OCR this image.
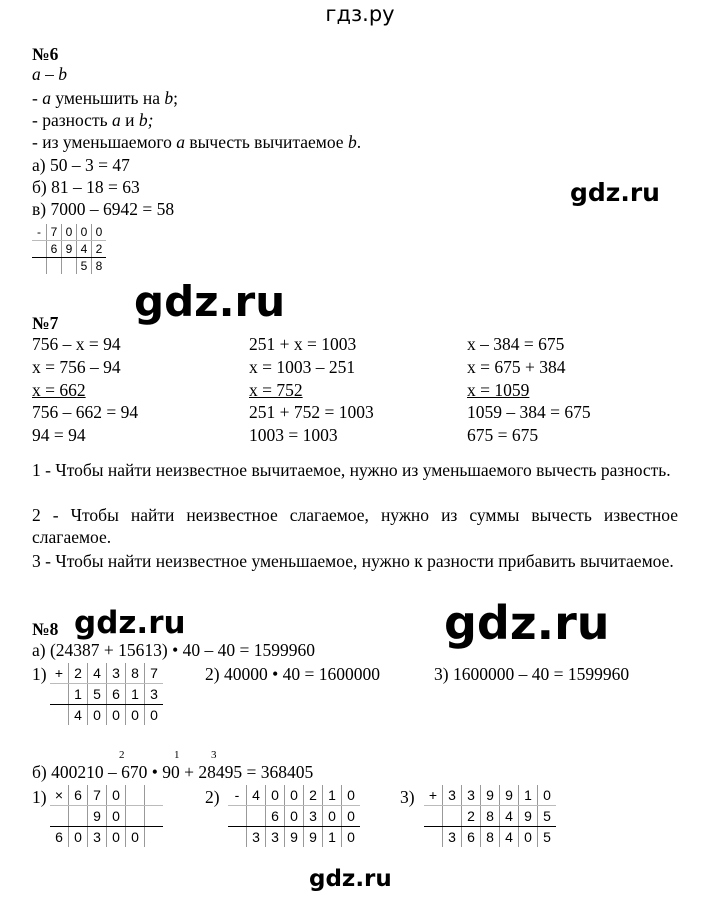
гдз.ру
№6
a – b
- a уменьшить на b;
- разность a и b;
- из уменьшаемого a вычесть вычитаемое b.
а) 50 – 3 = 47
б) 81 – 18 = 63
в) 7000 – 6942 = 58
-	7	0	0	0
	6	9	4	2
			5	8
№7
756 – x = 94
x = 756 – 94
x = 662
756 – 662 = 94
94 = 94
251 + x = 1003
x = 1003 – 251
x = 752
251 + 752 = 1003
1003 = 1003
x – 384 = 675
x = 675 + 384
x = 1059
1059 – 384 = 675
675 = 675
1 - Чтобы найти неизвестное вычитаемое, нужно из уменьшаемого вычесть разность.
2 - Чтобы найти неизвестное слагаемое, нужно из суммы вычесть известное слагаемое.
3 - Чтобы найти неизвестное уменьшаемое, нужно к разности прибавить вычитаемое.
№8
а) (24387 + 15613) • 40 – 40 = 1599960
1) +	2	4	3	8	7
	1	5	6	1	3
	4	0	0	0	0
2) 40000 • 40 = 1600000	3) 1600000 – 40 = 1599960
2	1	3
б) 400210 – 670 • 90 + 28495 = 368405
1) ×	6	7	0		
		9	0		
6	0	3	0	0	
2) -	4	0	0	2	1	0
		6	0	3	0	0
	3	3	9	9	1	0
3) +	3	3	9	9	1	0
		2	8	4	9	5
	3	6	8	4	0	5
gdz.ru
gdz.ru
gdz.ru	gdz.ru
gdz.ru
